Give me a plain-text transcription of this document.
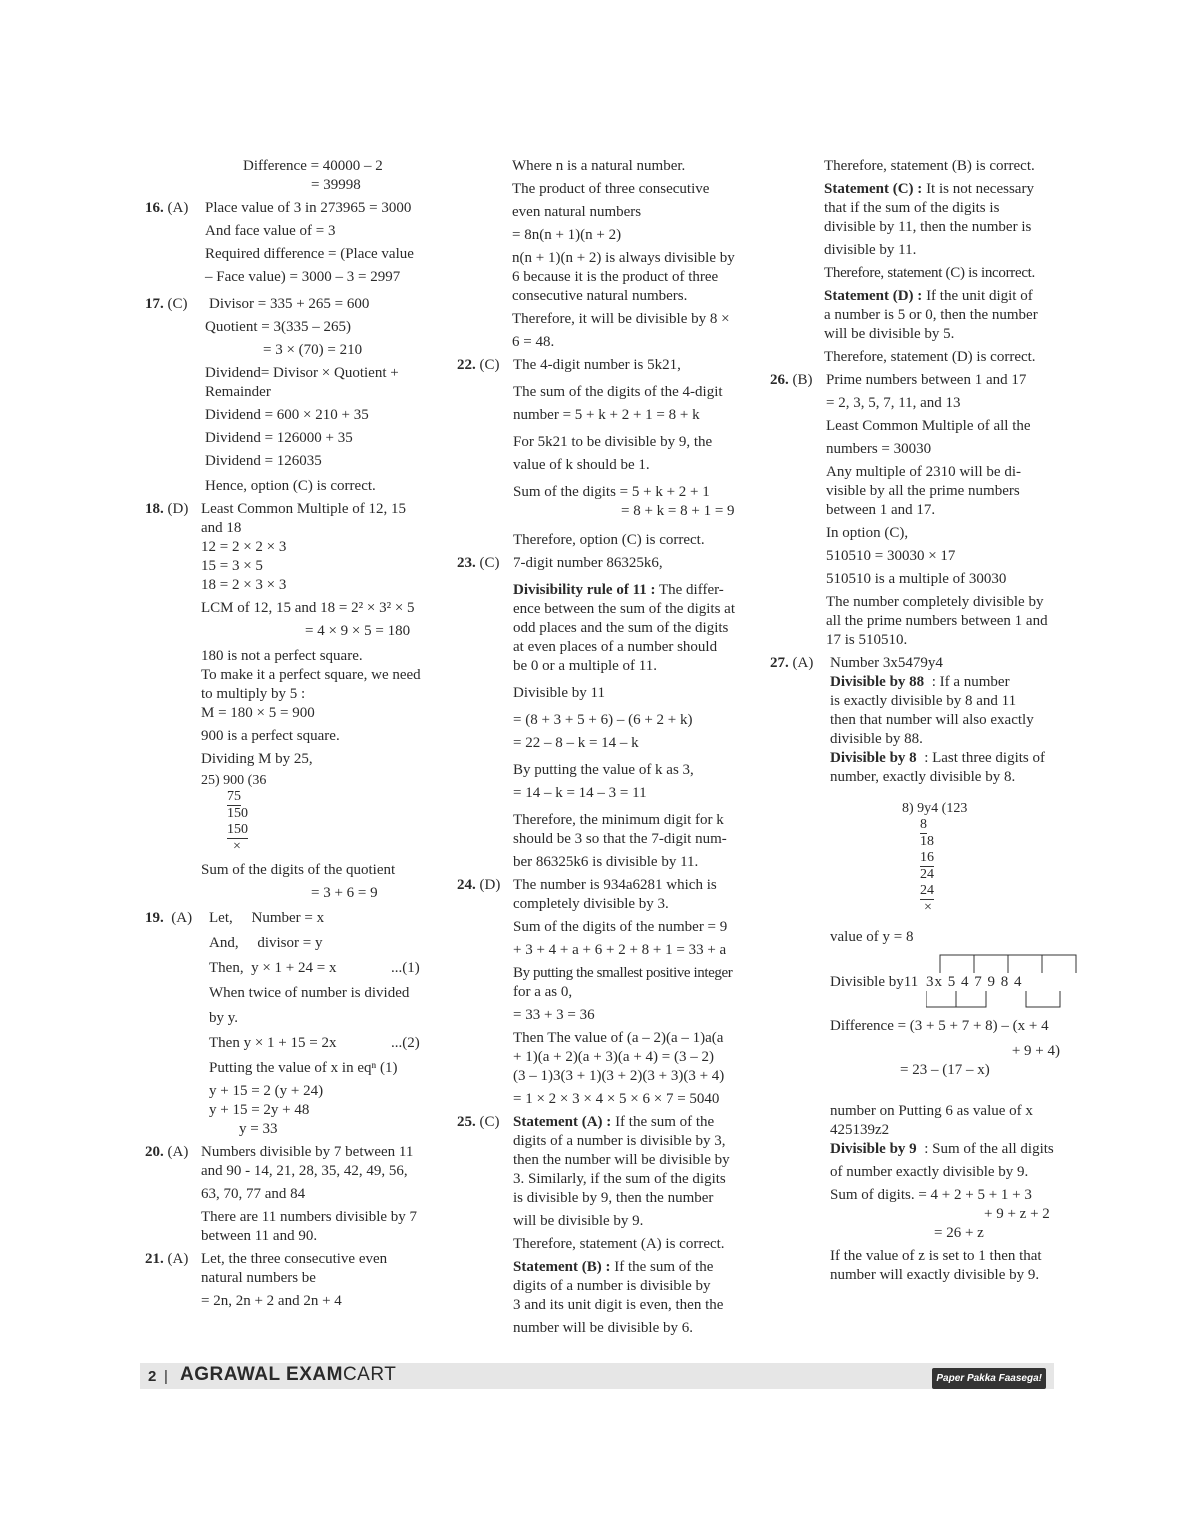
Difference = 40000 – 2
= 39998
16. (A) Place value of 3 in 273965 = 3000
And face value of = 3
Required difference = (Place value
– Face value) = 3000 – 3 = 2997
17. (C) Divisor = 335 + 265 = 600
Quotient = 3(335 – 265)
= 3 × (70) = 210
Dividend= Divisor × Quotient +
Remainder
Dividend = 600 × 210 + 35
Dividend = 126000 + 35
Dividend = 126035
Hence, option (C) is correct.
18. (D) Least Common Multiple of 12, 15
and 18
12 = 2 × 2 × 3
15 = 3 × 5
18 = 2 × 3 × 3
LCM of 12, 15 and 18 = 2² × 3² × 5
= 4 × 9 × 5 = 180
180 is not a perfect square.
To make it a perfect square, we need
to multiply by 5 :
M = 180 × 5 = 900
900 is a perfect square.
Dividing M by 25,
25) 900 (36
75
150
150
×
Sum of the digits of the quotient
= 3 + 6 = 9
19. (A) Let,     Number = x
And,     divisor = y
Then,  y × 1 + 24 = x	...(1)
When twice of number is divided
by y.
Then y × 1 + 15 = 2x	...(2)
Putting the value of x in eqⁿ (1)
y + 15 = 2 (y + 24)
y + 15 = 2y + 48
y = 33
20. (A) Numbers divisible by 7 between 11
and 90 - 14, 21, 28, 35, 42, 49, 56,
63, 70, 77 and 84
There are 11 numbers divisible by 7
between 11 and 90.
21. (A) Let, the three consecutive even
natural numbers be
= 2n, 2n + 2 and 2n + 4
Where n is a natural number.
The product of three consecutive
even natural numbers
= 8n(n + 1)(n + 2)
n(n + 1)(n + 2) is always divisible by
6 because it is the product of three
consecutive natural numbers.
Therefore, it will be divisible by 8 ×
6 = 48.
22. (C) The 4-digit number is 5k21,
The sum of the digits of the 4-digit
number = 5 + k + 2 + 1 = 8 + k
For 5k21 to be divisible by 9, the
value of k should be 1.
Sum of the digits = 5 + k + 2 + 1
= 8 + k = 8 + 1 = 9
Therefore, option (C) is correct.
23. (C) 7-digit number 86325k6,
Divisibility rule of 11 : The differ-
ence between the sum of the digits at
odd places and the sum of the digits
at even places of a number should
be 0 or a multiple of 11.
Divisible by 11
= (8 + 3 + 5 + 6) – (6 + 2 + k)
= 22 – 8 – k = 14 – k
By putting the value of k as 3,
= 14 – k = 14 – 3 = 11
Therefore, the minimum digit for k
should be 3 so that the 7-digit num-
ber 86325k6 is divisible by 11.
24. (D) The number is 934a6281 which is
completely divisible by 3.
Sum of the digits of the number = 9
+ 3 + 4 + a + 6 + 2 + 8 + 1 = 33 + a
By putting the smallest positive integer
for a as 0,
= 33 + 3 = 36
Then The value of (a – 2)(a – 1)a(a
+ 1)(a + 2)(a + 3)(a + 4) = (3 – 2)
(3 – 1)3(3 + 1)(3 + 2)(3 + 3)(3 + 4)
= 1 × 2 × 3 × 4 × 5 × 6 × 7 = 5040
25. (C) Statement (A) : If the sum of the
digits of a number is divisible by 3,
then the number will be divisible by
3. Similarly, if the sum of the digits
is divisible by 9, then the number
will be divisible by 9.
Therefore, statement (A) is correct.
Statement (B) : If the sum of the
digits of a number is divisible by
3 and its unit digit is even, then the
number will be divisible by 6.
Therefore, statement (B) is correct.
Statement (C) : It is not necessary
that if the sum of the digits is
divisible by 11, then the number is
divisible by 11.
Therefore, statement (C) is incorrect.
Statement (D) : If the unit digit of
a number is 5 or 0, then the number
will be divisible by 5.
Therefore, statement (D) is correct.
26. (B) Prime numbers between 1 and 17
= 2, 3, 5, 7, 11, and 13
Least Common Multiple of all the
numbers = 30030
Any multiple of 2310 will be di-
visible by all the prime numbers
between 1 and 17.
In option (C),
510510 = 30030 × 17
510510 is a multiple of 30030
The number completely divisible by
all the prime numbers between 1 and
17 is 510510.
27. (A) Number 3x5479y4
Divisible by 88  : If a number
is exactly divisible by 8 and 11
then that number will also exactly
divisible by 88.
Divisible by 8  : Last three digits of
number, exactly divisible by 8.
8) 9y4 (123
8
18
16
24
24
×
value of y = 8
Divisible by11 3x 5 4 7 9 8 4
Difference = (3 + 5 + 7 + 8) – (x + 4
+ 9 + 4)
= 23 – (17 – x)
number on Putting 6 as value of x
425139z2
Divisible by 9  : Sum of the all digits
of number exactly divisible by 9.
Sum of digits. = 4 + 2 + 5 + 1 + 3
+ 9 + z + 2
= 26 + z
If the value of z is set to 1 then that
number will exactly divisible by 9.
2 | AGRAWAL EXAMCART	Paper Pakka Faasega!
